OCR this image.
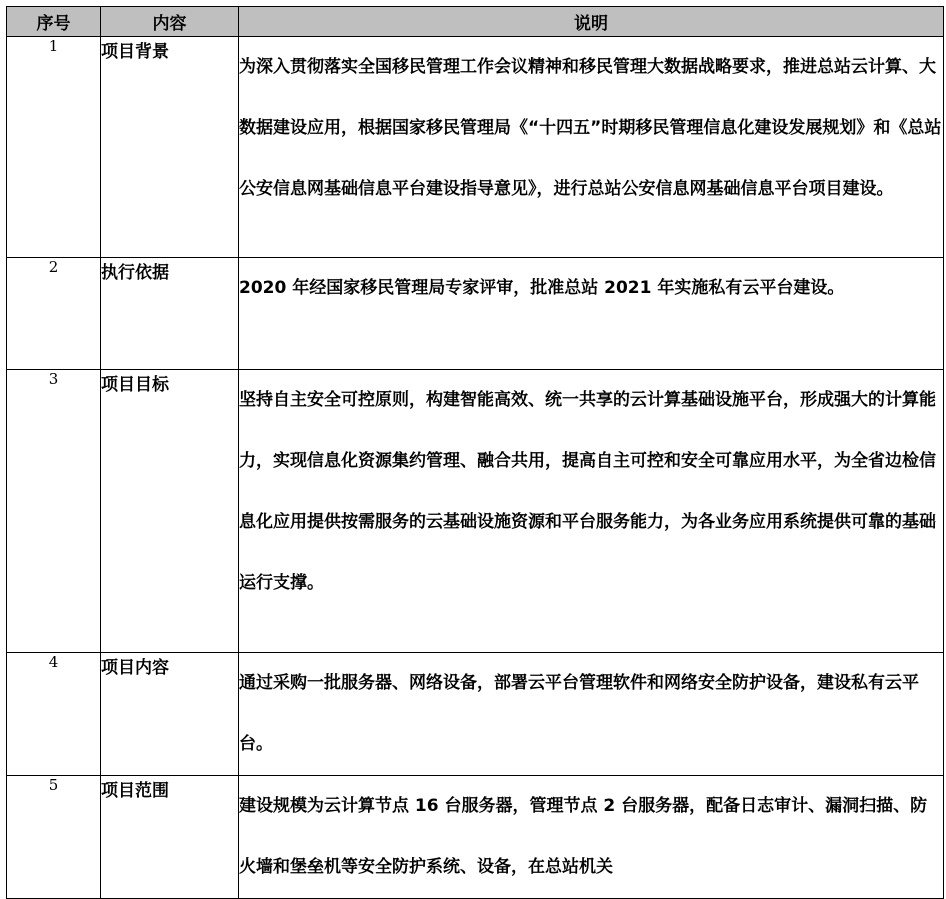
序号	内容	说明
1	项目背景	为深入贯彻落实全国移民管理工作会议精神和移民管理大数据战略要求，推进总站云计算、大数据建设应用，根据国家移民管理局《“十四五”时期移民管理信息化建设发展规划》和《总站公安信息网基础信息平台建设指导意见》，进行总站公安信息网基础信息平台项目建设。
2	执行依据	2020 年经国家移民管理局专家评审，批准总站 2021 年实施私有云平台建设。
3	项目目标	坚持自主安全可控原则，构建智能高效、统一共享的云计算基础设施平台，形成强大的计算能力，实现信息化资源集约管理、融合共用，提高自主可控和安全可靠应用水平，为全省边检信息化应用提供按需服务的云基础设施资源和平台服务能力，为各业务应用系统提供可靠的基础运行支撑。
4	项目内容	通过采购一批服务器、网络设备，部署云平台管理软件和网络安全防护设备，建设私有云平台。
5	项目范围	建设规模为云计算节点 16 台服务器，管理节点 2 台服务器，配备日志审计、漏洞扫描、防火墙和堡垒机等安全防护系统、设备，在总站机关
